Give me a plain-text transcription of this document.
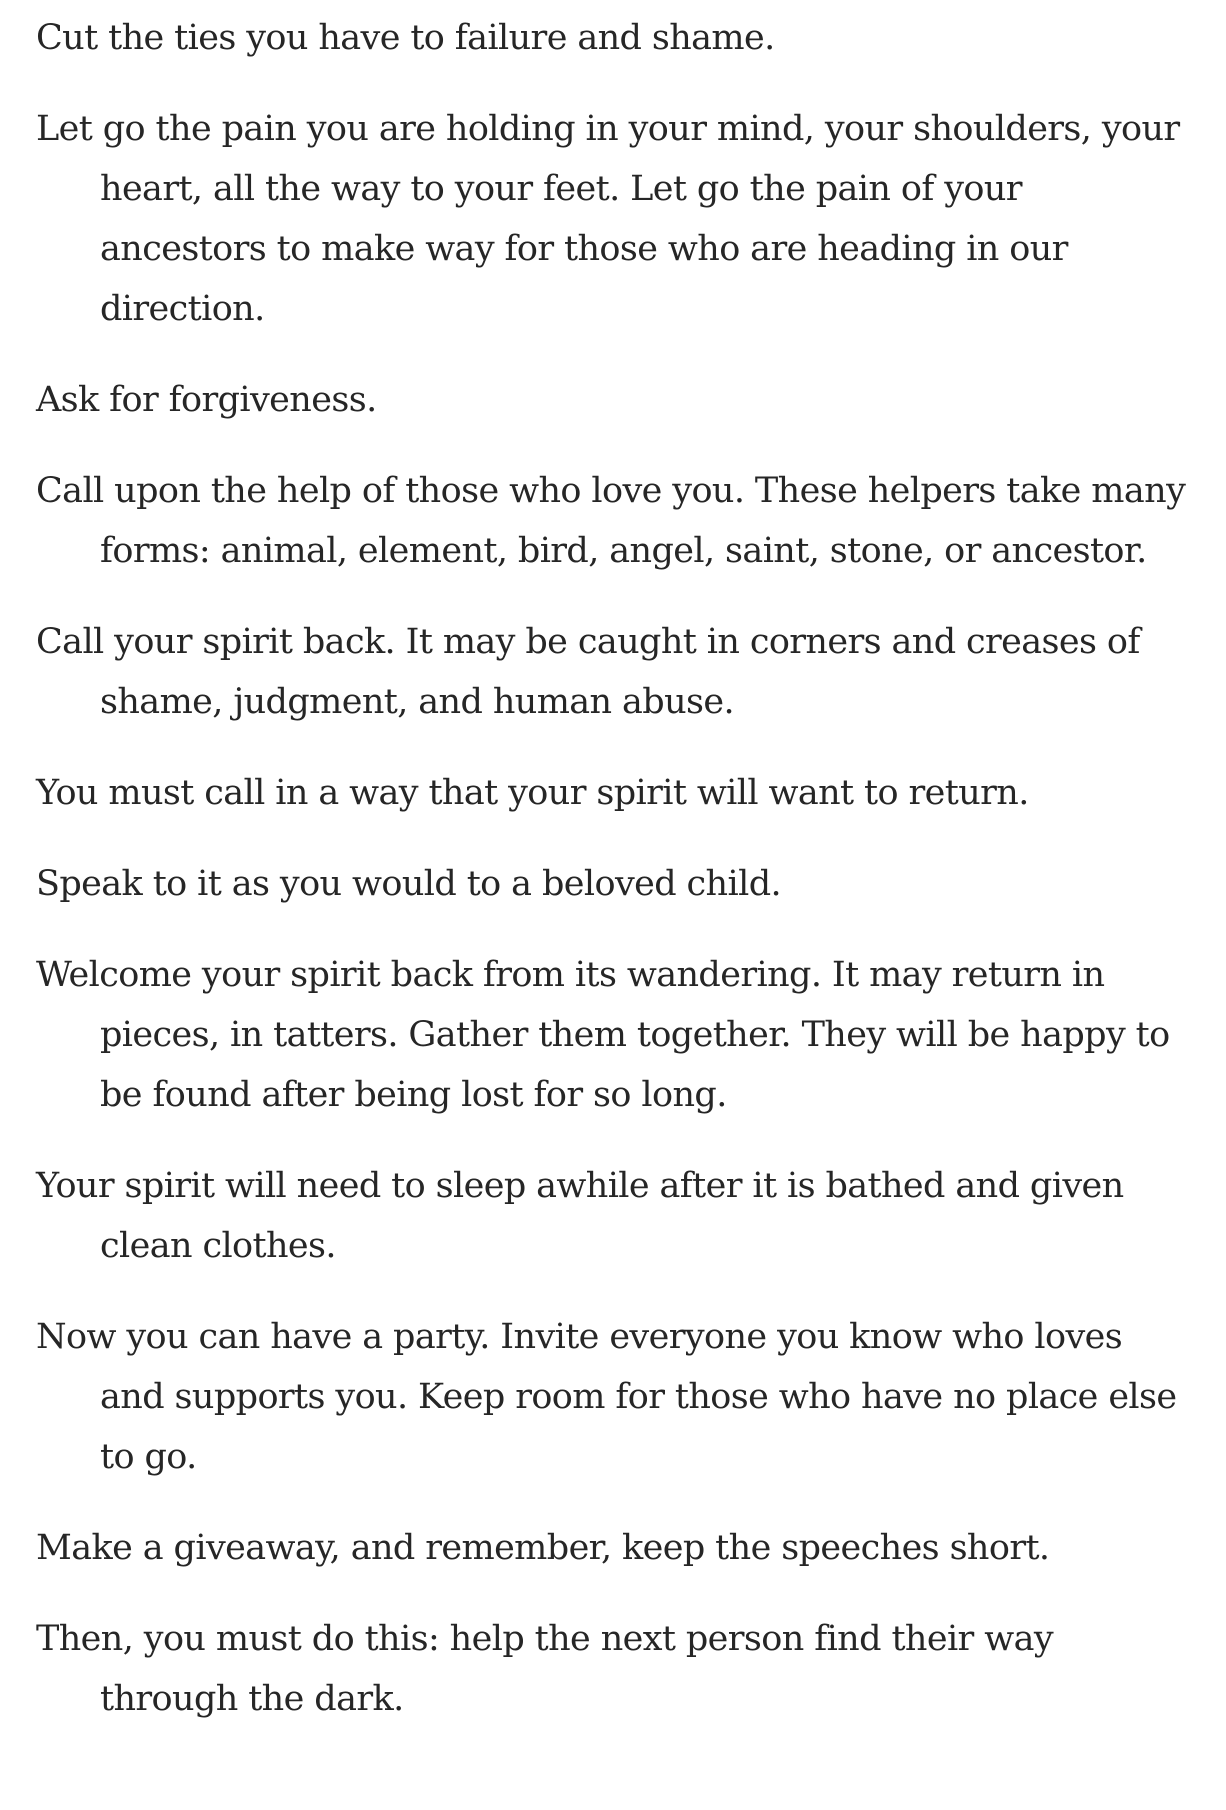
Cut the ties you have to failure and shame.

Let go the pain you are holding in your mind, your shoulders, your heart, all the way to your feet. Let go the pain of your ancestors to make way for those who are heading in our direction.

Ask for forgiveness.

Call upon the help of those who love you. These helpers take many forms: animal, element, bird, angel, saint, stone, or ancestor.

Call your spirit back. It may be caught in corners and creases of shame, judgment, and human abuse.

You must call in a way that your spirit will want to return.

Speak to it as you would to a beloved child.

Welcome your spirit back from its wandering. It may return in pieces, in tatters. Gather them together. They will be happy to be found after being lost for so long.

Your spirit will need to sleep awhile after it is bathed and given clean clothes.

Now you can have a party. Invite everyone you know who loves and supports you. Keep room for those who have no place else to go.

Make a giveaway, and remember, keep the speeches short.

Then, you must do this: help the next person find their way through the dark.
